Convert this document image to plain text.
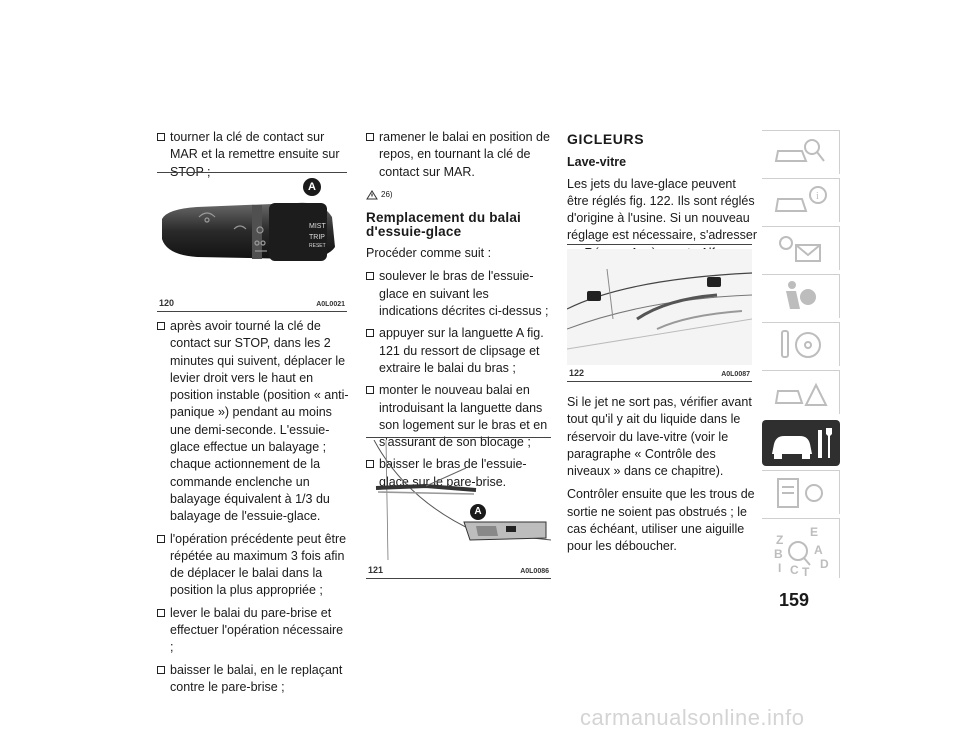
tourner la clé de contact sur MAR et la remettre ensuite sur STOP ;
MIST
TRIP
RESET
A
120	A0L0021
après avoir tourné la clé de contact sur STOP, dans les 2 minutes qui suivent, déplacer le levier droit vers le haut en position instable (position « anti-panique ») pendant au moins une demi-seconde. L'essuie-glace effectue un balayage ; chaque actionnement de la commande enclenche un balayage équivalent à 1/3 du balayage de l'essuie-glace.
l'opération précédente peut être répétée au maximum 3 fois afin de déplacer le balai dans la position la plus appropriée ;
lever le balai du pare-brise et effectuer l'opération nécessaire ;
baisser le balai, en le replaçant contre le pare-brise ;
ramener le balai en position de repos, en tournant la clé de contact sur MAR.
26)
Remplacement du balai d'essuie-glace
Procéder comme suit :
soulever le bras de l'essuie-glace en suivant les indications décrites ci-dessus ;
appuyer sur la languette A fig. 121 du ressort de clipsage et extraire le balai du bras ;
monter le nouveau balai en introduisant la languette dans son logement sur le bras et en s'assurant de son blocage ;
baisser le bras de l'essuie-glace sur le pare-brise.
A
121	A0L0086
GICLEURS
Lave-vitre
Les jets du lave-glace peuvent être réglés fig. 122. Ils sont réglés d'origine à l'usine. Si un nouveau réglage est nécessaire, s'adresser
122	A0L0087
Si le jet ne sort pas, vérifier avant tout qu'il y ait du liquide dans le réservoir du lave-vitre (voir le paragraphe « Contrôle des niveaux » dans ce chapitre).
Contrôler ensuite que les trous de sortie ne soient pas obstrués ; le cas échéant, utiliser une aiguille pour les déboucher.
i
Z
E
B	A
D
I C T
159
carmanualsonline.info
